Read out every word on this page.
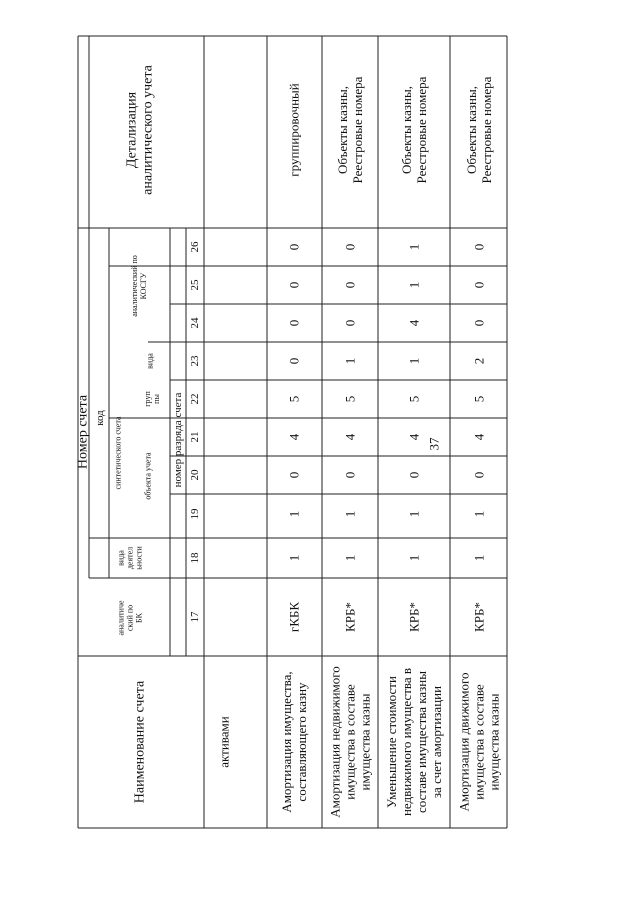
37
Наименование счета
Номер счета код синтетического счета
аналитический по КОСГУ
аналитиче ский по БК
вида деятел ьности
объекта учета
груп пы
вида
номер разряда счета
Детализация аналитического учета
17
18
19
20
21
22
23
24
25
26
активами	Амортизация имущества, составляющего казну
гКБК
1
1
0
4
5
0
0
0
0
группировочный
Амортизация недвижимого имущества в составе имущества казны
КРБ*
1
1
0
4
5
1
0
0
0
Объекты казны, Реестровые номера
Уменьшение стоимости недвижимого имущества в составе имущества казны за счет амортизации
КРБ*
1
1
0
4
5
1
4
1
1
Объекты казны, Реестровые номера
Амортизация движимого имущества в составе имущества казны
КРБ*
1
1
0
4
5
2
0
0
0
Объекты казны, Реестровые номера
